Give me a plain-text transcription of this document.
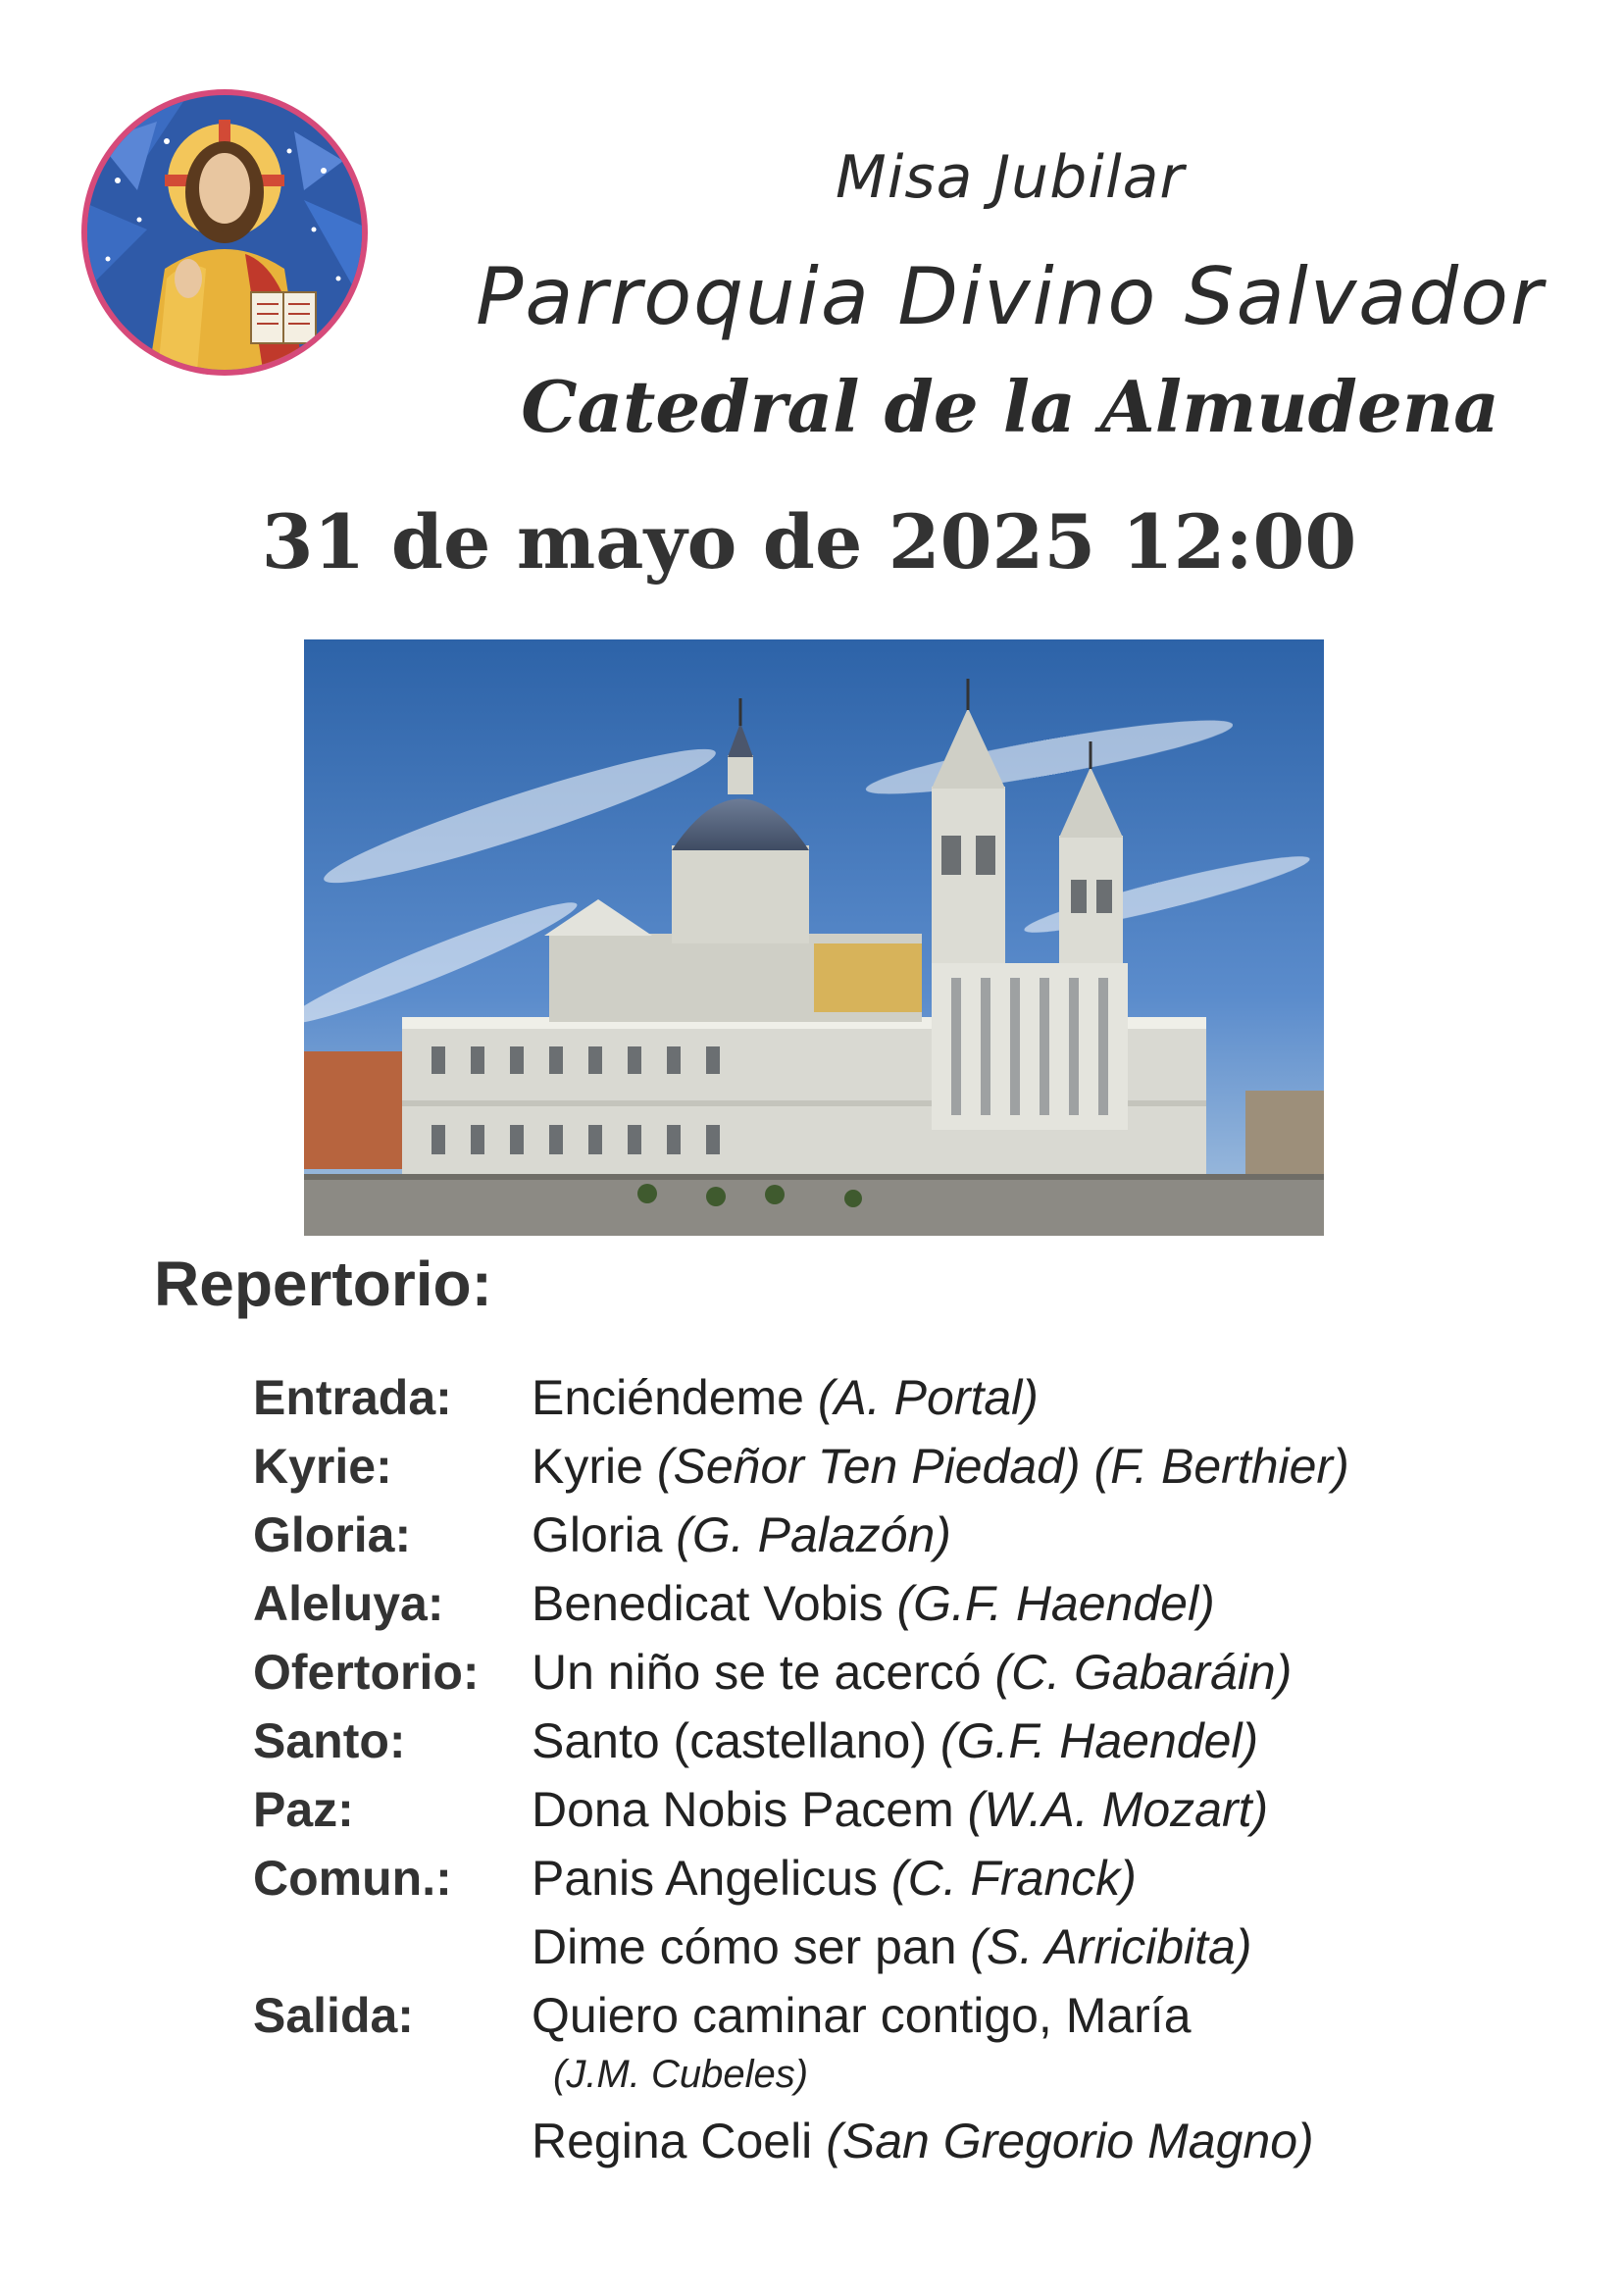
Misa Jubilar
Parroquia Divino Salvador
Catedral de la Almudena
31 de mayo de 2025 12:00
Repertorio:
Entrada: Enciéndeme (A. Portal)
Kyrie:	Kyrie (Señor Ten Piedad) (F. Berthier)
Gloria: Gloria (G. Palazón)
Aleluya: Benedicat Vobis (G.F. Haendel)
Ofertorio: Un niño se te acercó (C. Gabaráin)
Santo:	Santo (castellano) (G.F. Haendel)
Paz:	Dona Nobis Pacem (W.A. Mozart)
Comun.: Panis Angelicus (C. Franck)
Dime cómo ser pan (S. Arricibita)
Salida: Quiero caminar contigo, María
(J.M. Cubeles)
Regina Coeli (San Gregorio Magno)
